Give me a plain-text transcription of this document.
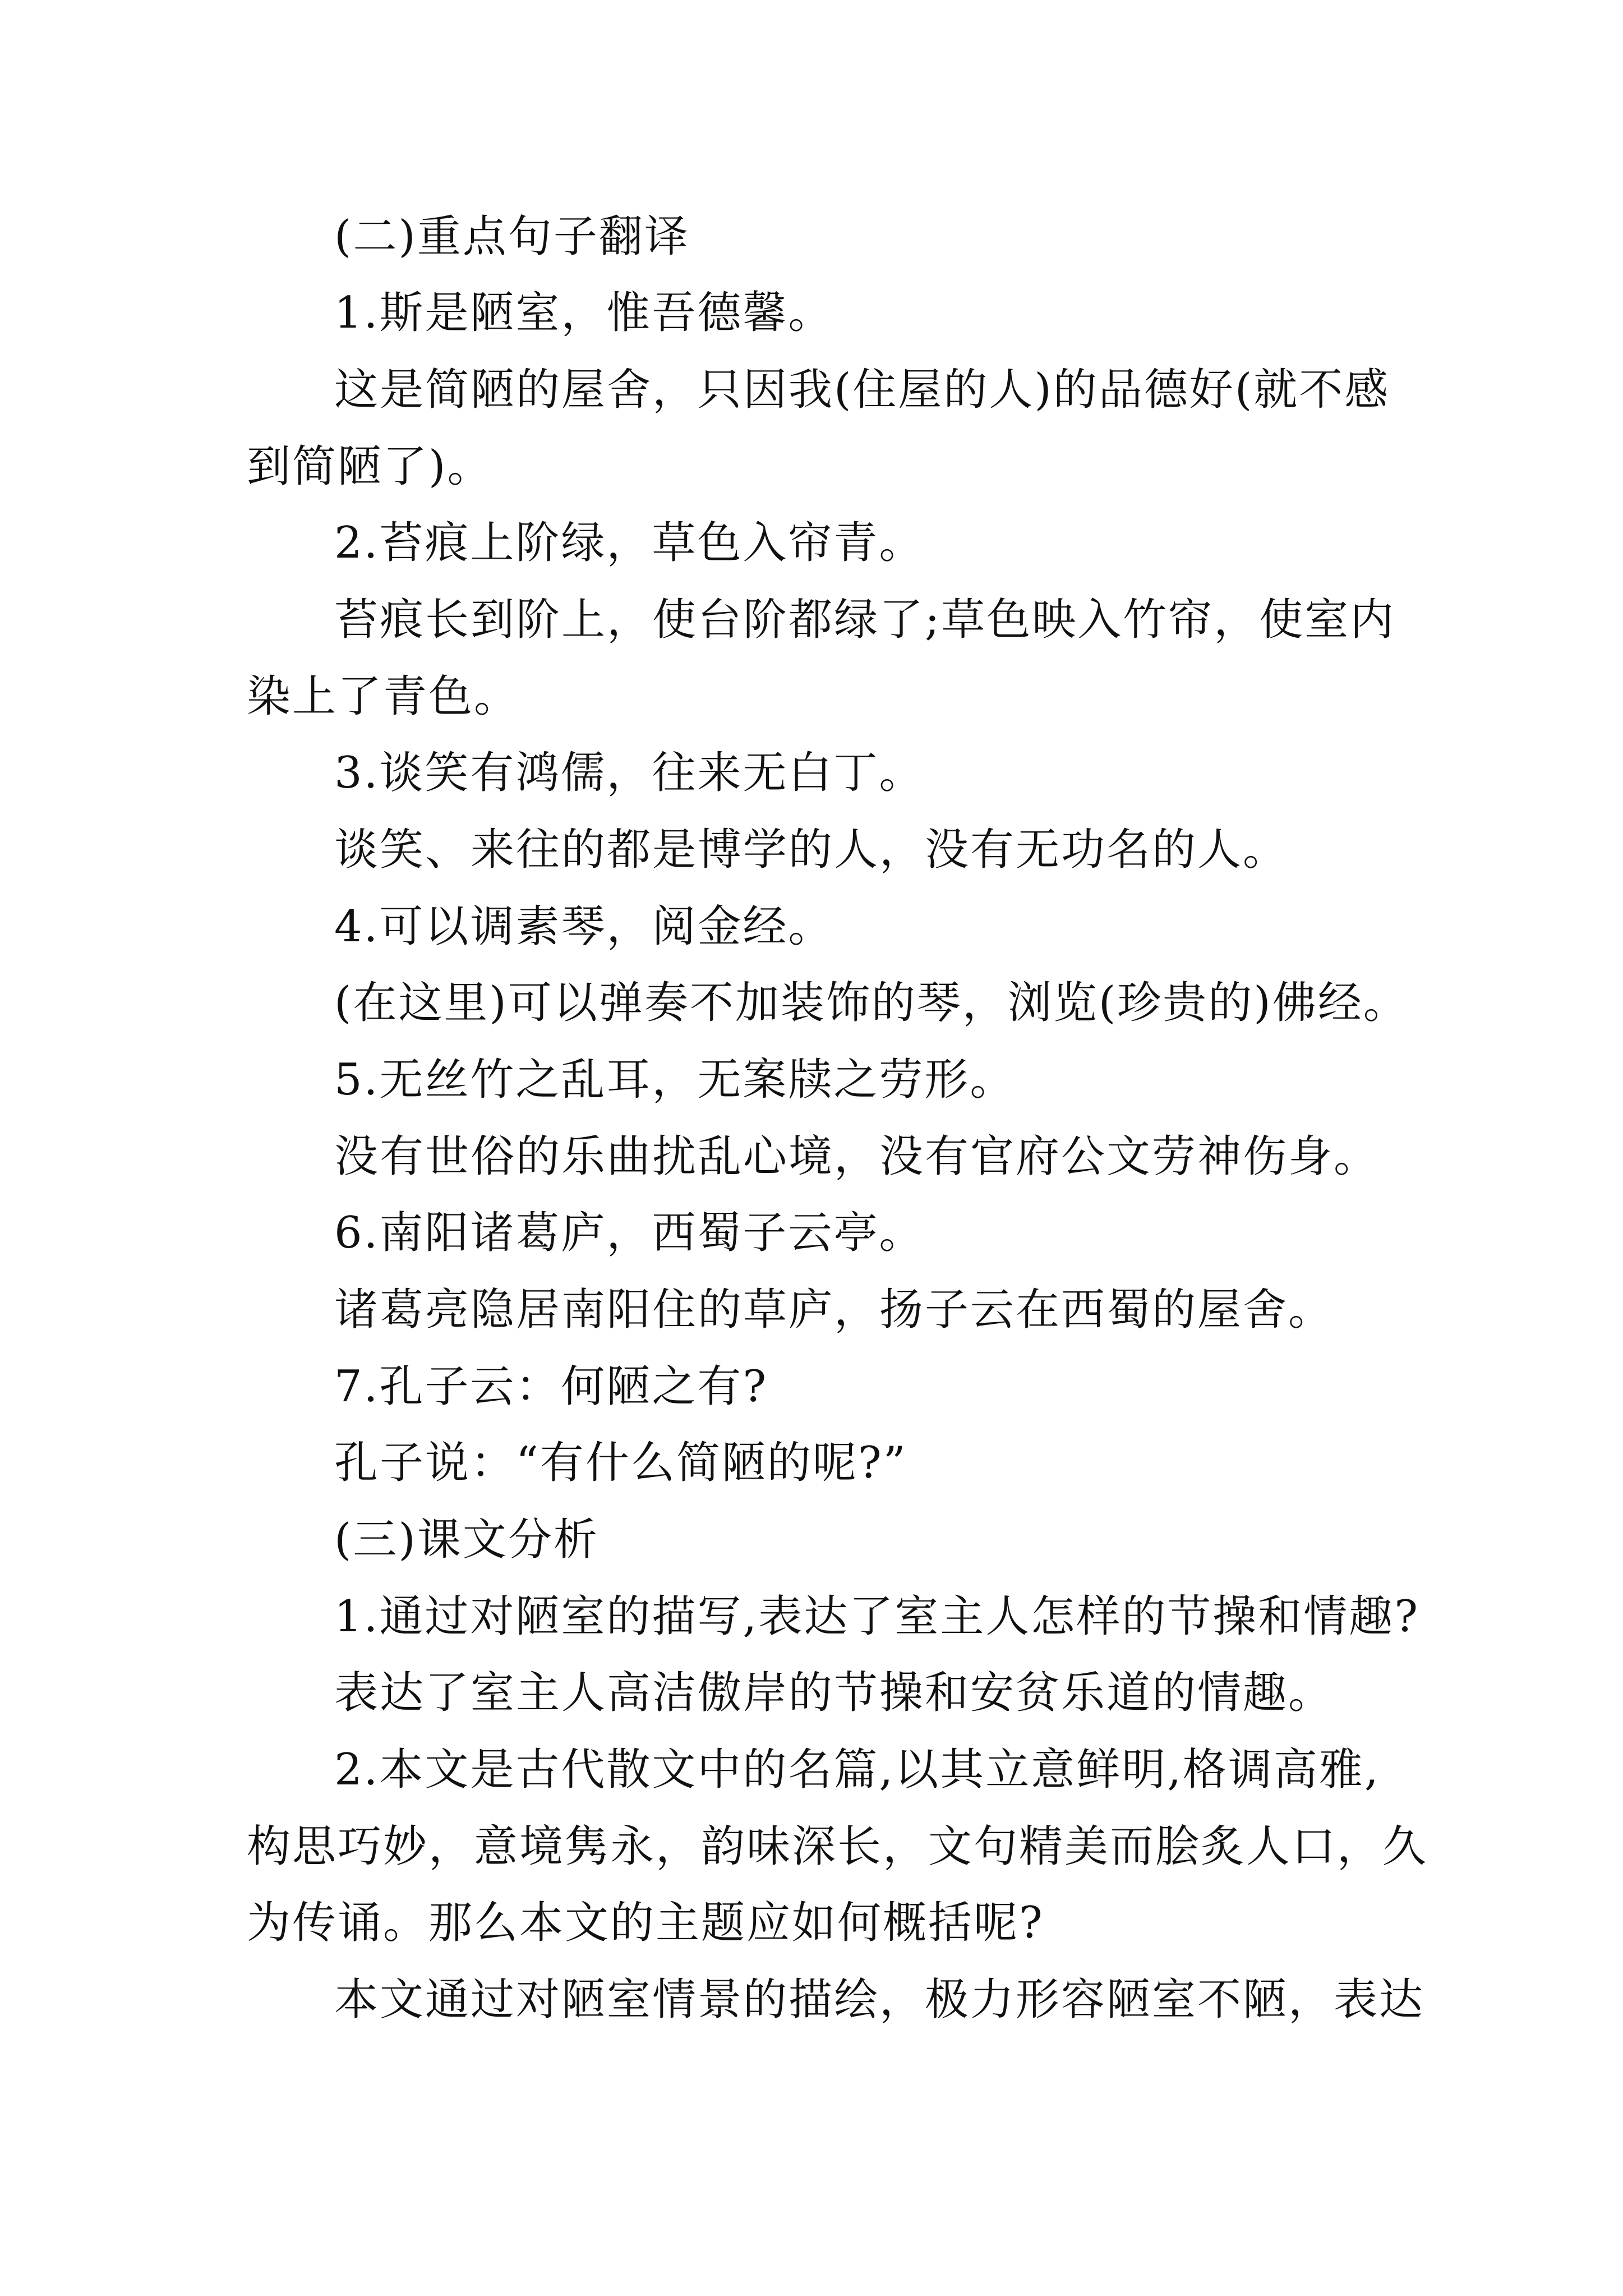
(二)重点句子翻译
1.斯是陋室，惟吾德馨。
这是简陋的屋舍，只因我(住屋的人)的品德好(就不感
到简陋了)。
2.苔痕上阶绿，草色入帘青。
苔痕长到阶上，使台阶都绿了;草色映入竹帘，使室内
染上了青色。
3.谈笑有鸿儒，往来无白丁。
谈笑、来往的都是博学的人，没有无功名的人。
4.可以调素琴，阅金经。
(在这里)可以弹奏不加装饰的琴，浏览(珍贵的)佛经。
5.无丝竹之乱耳，无案牍之劳形。
没有世俗的乐曲扰乱心境，没有官府公文劳神伤身。
6.南阳诸葛庐，西蜀子云亭。
诸葛亮隐居南阳住的草庐，扬子云在西蜀的屋舍。
7.孔子云：何陋之有?
孔子说：“有什么简陋的呢?”
(三)课文分析
1.通过对陋室的描写,表达了室主人怎样的节操和情趣?
表达了室主人高洁傲岸的节操和安贫乐道的情趣。
2.本文是古代散文中的名篇,以其立意鲜明,格调高雅,
构思巧妙，意境隽永，韵味深长，文句精美而脍炙人口，久
为传诵。那么本文的主题应如何概括呢?
本文通过对陋室情景的描绘，极力形容陋室不陋，表达
